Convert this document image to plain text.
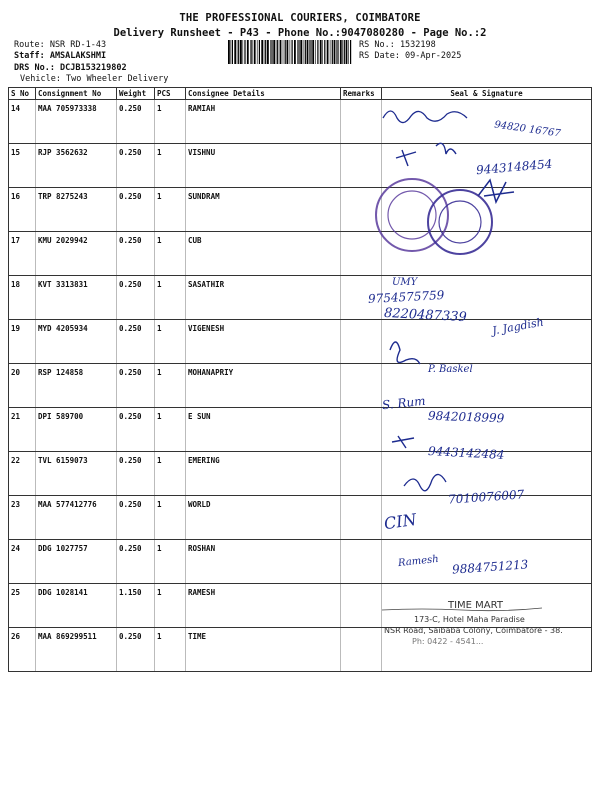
THE PROFESSIONAL COURIERS, COIMBATORE
Delivery Runsheet - P43 - Phone No.:9047080280 - Page No.:2
Route: NSR RD-1-43
Staff: AMSALAKSHMI
DRS No.: DCJB153219802
Vehicle: Two Wheeler Delivery
RS No.: 1532198
RS Date: 09-Apr-2025
S No	Consignment No	Weight	PCS	Consignee Details	Remarks	Seal & Signature
14	MAA 705973338	0.250	1	RAMIAH		
15	RJP 3562632	0.250	1	VISHNU		
16	TRP 8275243	0.250	1	SUNDRAM		
17	KMU 2029942	0.250	1	CUB		
18	KVT 3313831	0.250	1	SASATHIR		
19	MYD 4205934	0.250	1	VIGENESH		
20	RSP 124858	0.250	1	MOHANAPRIY		
21	DPI 589700	0.250	1	E SUN		
22	TVL 6159073	0.250	1	EMERING		
23	MAA 577412776	0.250	1	WORLD		
24	DDG 1027757	0.250	1	ROSHAN		
25	DDG 1028141	1.150	1	RAMESH		
26	MAA 869299511	0.250	1	TIME		
94820 16767
9443148454
UMY
9754575759
8220487339
J. Jagdish
P. Baskel
S. Rum
9842018999
9443142484
7010076007
CIN
Ramesh 9884751213
TIME MART
173-C, Hotel Maha Paradise
NSR Road, Saibaba Colony, Coimbatore - 38.
Ph: 0422 - 4541...
